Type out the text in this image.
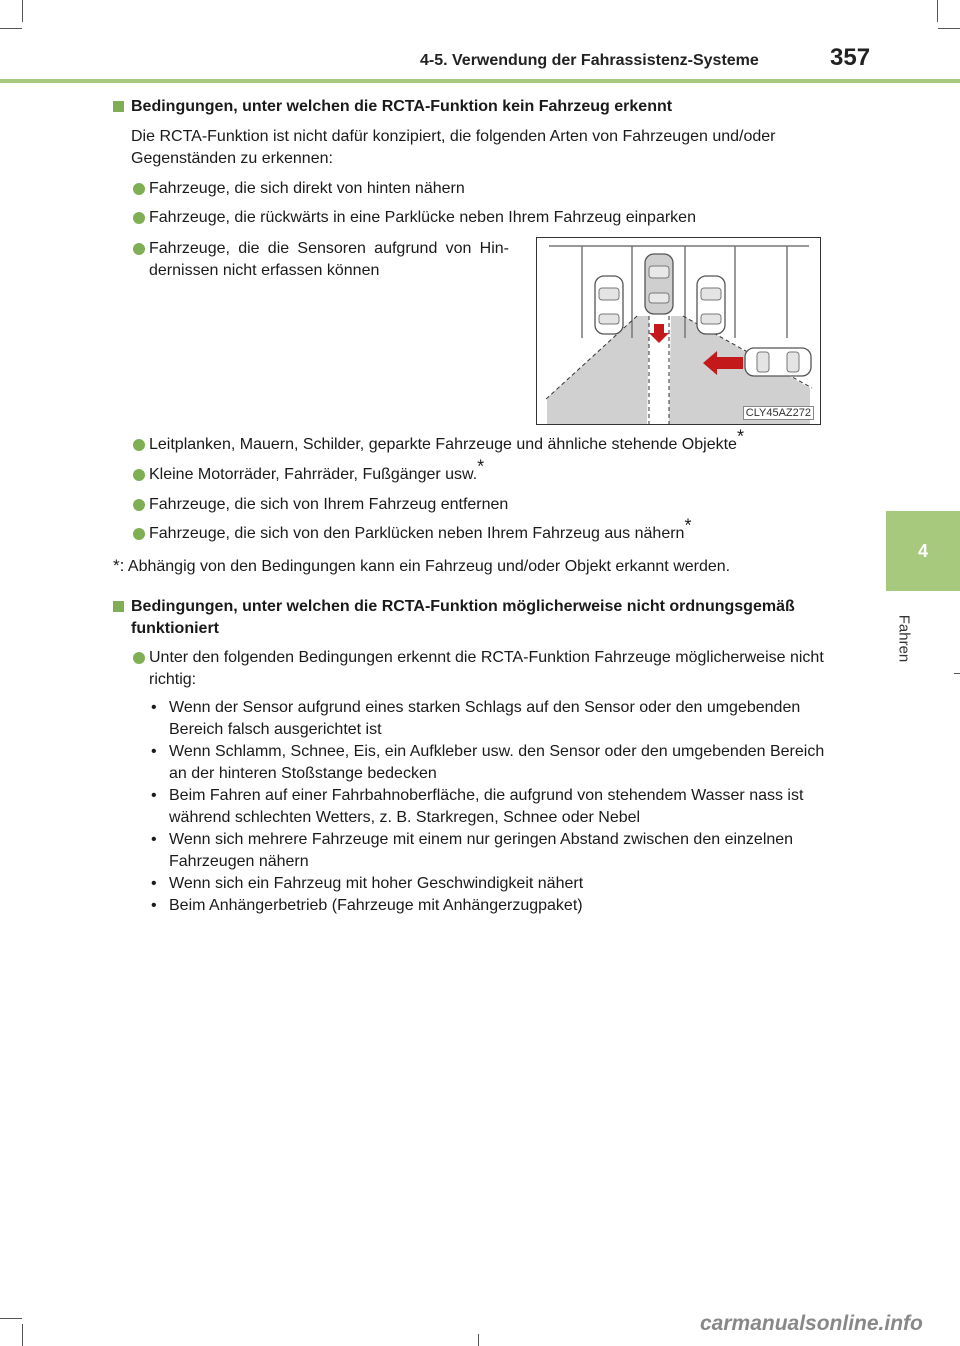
4-5. Verwendung der Fahrassistenz-Systeme	357
4
Fahren

Bedingungen, unter welchen die RCTA-Funktion kein Fahrzeug erkennt

Die RCTA-Funktion ist nicht dafür konzipiert, die folgenden Arten von Fahrzeugen und/oder Gegenständen zu erkennen:

Fahrzeuge, die sich direkt von hinten nähern
Fahrzeuge, die rückwärts in eine Parklücke neben Ihrem Fahrzeug einparken
Fahrzeuge, die die Sensoren aufgrund von Hin-dernissen nicht erfassen können
Leitplanken, Mauern, Schilder, geparkte Fahrzeuge und ähnliche stehende Objekte*
Kleine Motorräder, Fahrräder, Fußgänger usw.*
Fahrzeuge, die sich von Ihrem Fahrzeug entfernen
Fahrzeuge, die sich von den Parklücken neben Ihrem Fahrzeug aus nähern*

*: Abhängig von den Bedingungen kann ein Fahrzeug und/oder Objekt erkannt werden.

Bedingungen, unter welchen die RCTA-Funktion möglicherweise nicht ordnungsgemäß funktioniert

Unter den folgenden Bedingungen erkennt die RCTA-Funktion Fahrzeuge möglicherweise nicht richtig:
• Wenn der Sensor aufgrund eines starken Schlags auf den Sensor oder den umgebenden Bereich falsch ausgerichtet ist
• Wenn Schlamm, Schnee, Eis, ein Aufkleber usw. den Sensor oder den umgebenden Bereich an der hinteren Stoßstange bedecken
• Beim Fahren auf einer Fahrbahnoberfläche, die aufgrund von stehendem Wasser nass ist während schlechten Wetters, z. B. Starkregen, Schnee oder Nebel
• Wenn sich mehrere Fahrzeuge mit einem nur geringen Abstand zwischen den einzelnen Fahrzeugen nähern
• Wenn sich ein Fahrzeug mit hoher Geschwindigkeit nähert
• Beim Anhängerbetrieb (Fahrzeuge mit Anhängerzugpaket)
CLY45AZ272
carmanualsonline.info
